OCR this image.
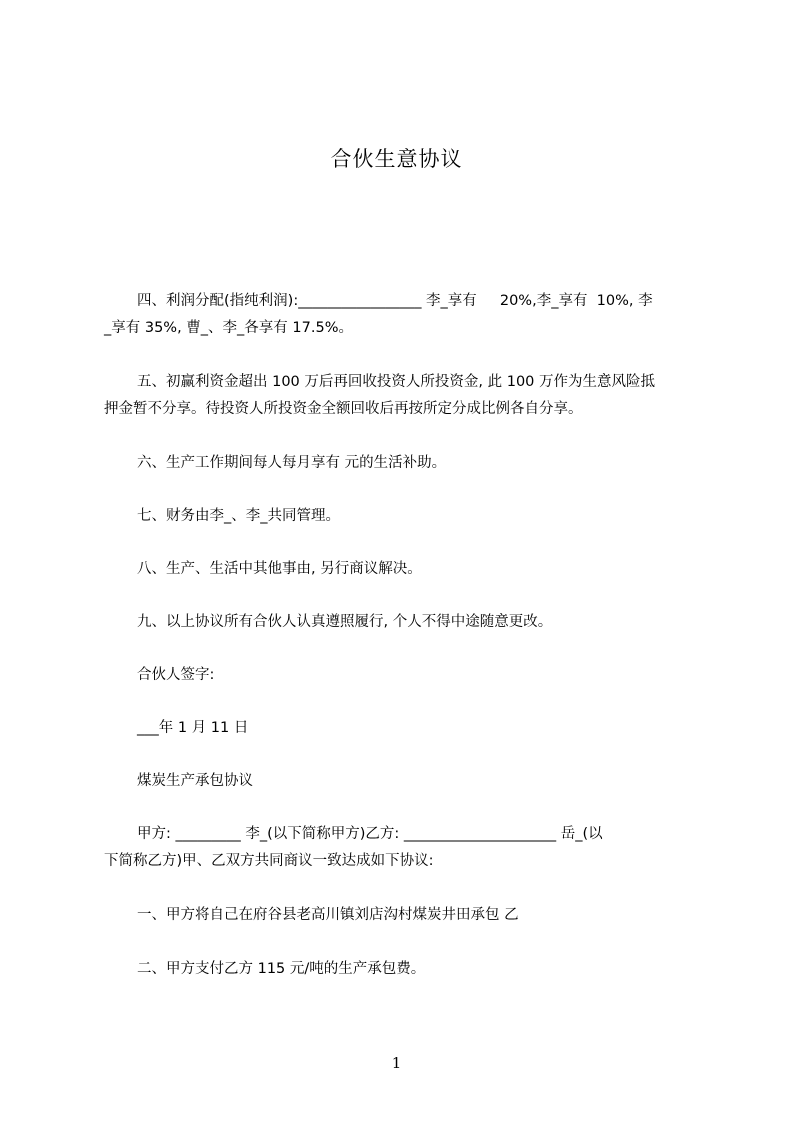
合伙生意协议
四、利润分配(指纯利润):_________________ 李_享有     20%,李_享有  10%, 李
_享有 35%, 曹_、李_各享有 17.5%。
五、初赢利资金超出 100 万后再回收投资人所投资金, 此 100 万作为生意风险抵
押金暂不分享。待投资人所投资金全额回收后再按所定分成比例各自分享。
六、生产工作期间每人每月享有 元的生活补助。
七、财务由李_、李_共同管理。
八、生产、生活中其他事由, 另行商议解决。
九、以上协议所有合伙人认真遵照履行, 个人不得中途随意更改。
合伙人签字:
___年 1 月 11 日
煤炭生产承包协议
甲方: _________ 李_(以下简称甲方)乙方: _____________________ 岳_(以
下简称乙方)甲、乙双方共同商议一致达成如下协议:
一、甲方将自己在府谷县老高川镇刘店沟村煤炭井田承包 乙
二、甲方支付乙方 115 元/吨的生产承包费。
1
